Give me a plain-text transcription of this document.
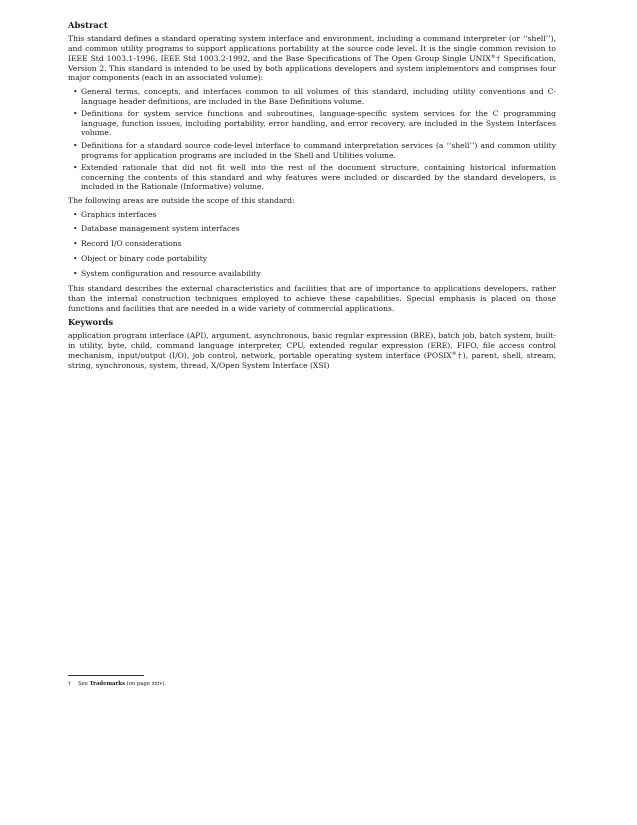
Abstract

This standard defines a standard operating system interface and environment, including a command interpreter (or ‘‘shell’’), and common utility programs to support applications portability at the source code level. It is the single common revision to IEEE Std 1003.1-1996, IEEE Std 1003.2-1992, and the Base Specifications of The Open Group Single UNIX®† Specification, Version 2. This standard is intended to be used by both applications developers and system implementors and comprises four major components (each in an associated volume):

• General terms, concepts, and interfaces common to all volumes of this standard, including utility conventions and C-language header definitions, are included in the Base Definitions volume.
• Definitions for system service functions and subroutines, language-specific system services for the C programming language, function issues, including portability, error handling, and error recovery, are included in the System Interfaces volume.
• Definitions for a standard source code-level interface to command interpretation services (a ‘‘shell’’) and common utility programs for application programs are included in the Shell and Utilities volume.
• Extended rationale that did not fit well into the rest of the document structure, containing historical information concerning the contents of this standard and why features were included or discarded by the standard developers, is included in the Rationale (Informative) volume.

The following areas are outside the scope of this standard:

• Graphics interfaces
• Database management system interfaces
• Record I/O considerations
• Object or binary code portability
• System configuration and resource availability

This standard describes the external characteristics and facilities that are of importance to applications developers, rather than the internal construction techniques employed to achieve these capabilities. Special emphasis is placed on those functions and facilities that are needed in a wide variety of commercial applications.

Keywords

application program interface (API), argument, asynchronous, basic regular expression (BRE), batch job, batch system, built-in utility, byte, child, command language interpreter, CPU, extended regular expression (ERE), FIFO, file access control mechanism, input/output (I/O), job control, network, portable operating system interface (POSIX®†), parent, shell, stream, string, synchronous, system, thread, X/Open System Interface (XSI)

† See Trademarks (on page xxiv).
